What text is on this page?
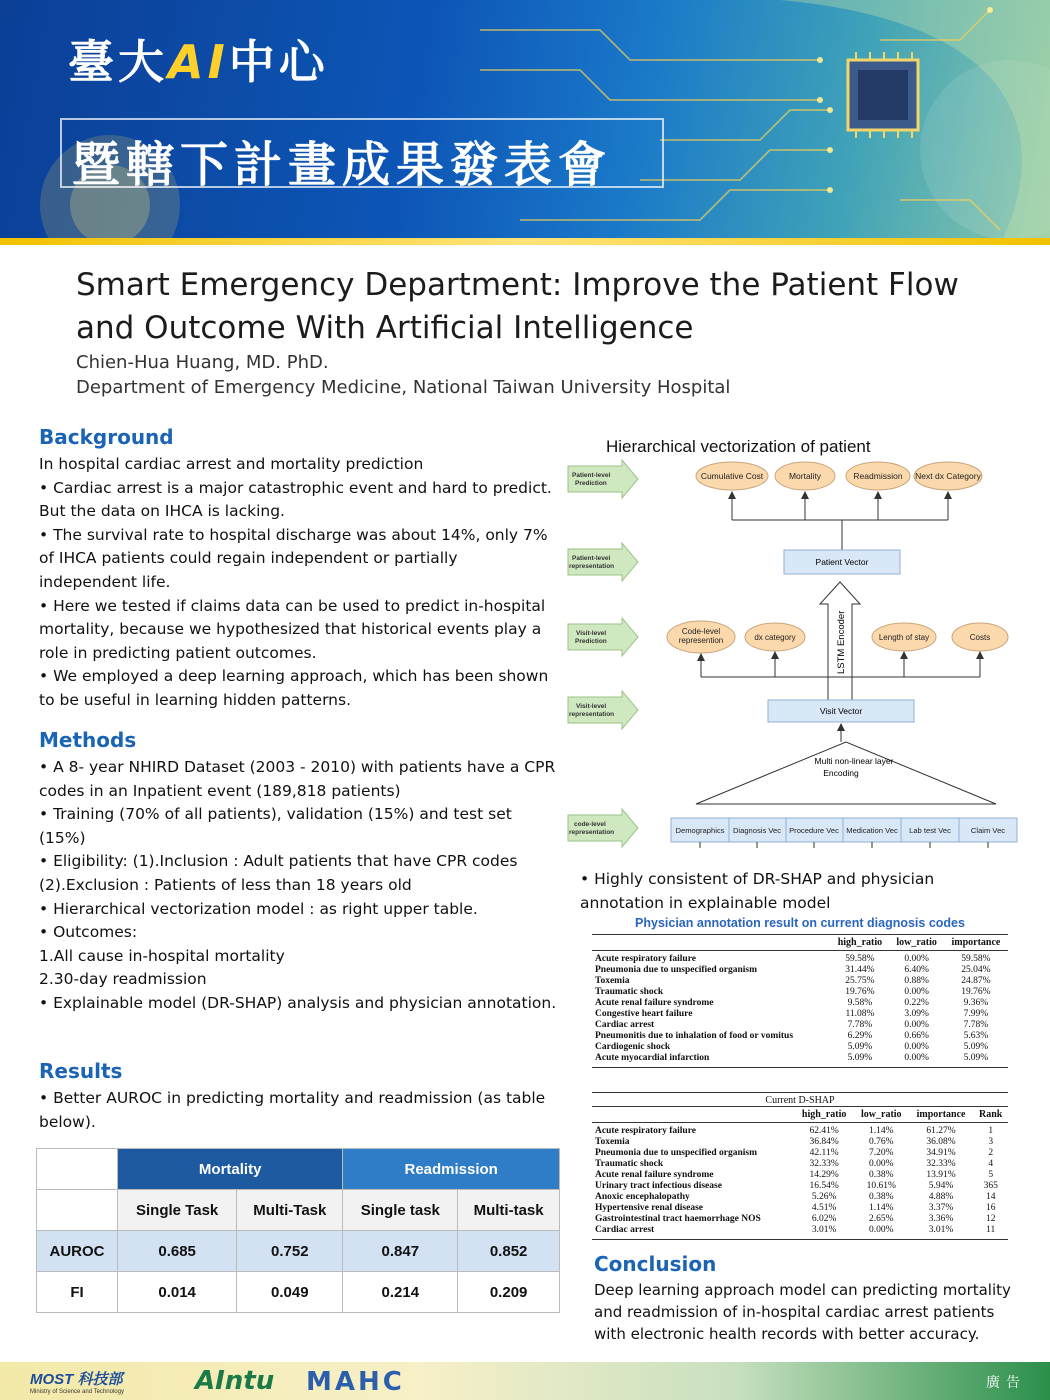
臺大AI中心
暨轄下計畫成果發表會
Smart Emergency Department: Improve the Patient Flow and Outcome With Artificial Intelligence
Chien-Hua Huang, MD. PhD.
Department of Emergency Medicine, National Taiwan University Hospital
Background

In hospital cardiac arrest and mortality prediction

• Cardiac arrest is a major catastrophic event and hard to predict. But the data on IHCA is lacking.

• The survival rate to hospital discharge was about 14%, only 7% of IHCA patients could regain independent or partially independent life.

• Here we tested if claims data can be used to predict in-hospital mortality, because we hypothesized that historical events play a role in predicting patient outcomes.

• We employed a deep learning approach, which has been shown to be useful in learning hidden patterns.

Methods

• A 8- year NHIRD Dataset (2003 - 2010) with patients have a CPR codes in an Inpatient event (189,818 patients)

• Training (70% of all patients), validation (15%) and test set (15%)

• Eligibility: (1).Inclusion : Adult patients that have CPR codes (2).Exclusion : Patients of less than 18 years old

• Hierarchical vectorization model : as right upper table.

• Outcomes:

1.All cause in-hospital mortality

2.30-day readmission

• Explainable model (DR-SHAP) analysis and physician annotation.

Results
• Better AUROC in predicting mortality and readmission (as table below).
	Mortality		Readmission	
	Single Task	Multi-Task	Single task	Multi-task
AUROC	0.685	0.752	0.847	0.852
FI	0.014	0.049	0.214	0.209
Hierarchical vectorization of patient
Patient-level
Prediction
Patient-level
representation
Visit-level
Prediction
Visit-level
representation
code-level
representation
Cumulative Cost	Mortality	Readmission Next dx Category
Patient Vector
LSTM Encoder
Code-level
represention	dx category	Length of stay	Costs
Visit Vector
Multi non-linear layer
Encoding
Demographics Diagnosis Vec Procedure Vec Medication Vec Lab test Vec	Claim Vec
• Highly consistent of DR-SHAP and physician annotation in explainable model
Physician annotation result on current diagnosis codes
	high_ratio	low_ratio	importance
Acute respiratory failure	59.58%	0.00%	59.58%
Pneumonia due to unspecified organism	31.44%	6.40%	25.04%
Toxemia	25.75%	0.88%	24.87%
Traumatic shock	19.76%	0.00%	19.76%
Acute renal failure syndrome	9.58%	0.22%	9.36%
Congestive heart failure	11.08%	3.09%	7.99%
Cardiac arrest	7.78%	0.00%	7.78%
Pneumonitis due to inhalation of food or vomitus	6.29%	0.66%	5.63%
Cardiogenic shock	5.09%	0.00%	5.09%
Acute myocardial infarction	5.09%	0.00%	5.09%
Current D-SHAP
	high_ratio	low_ratio	importance	Rank
Acute respiratory failure	62.41%	1.14%	61.27%	1
Toxemia	36.84%	0.76%	36.08%	3
Pneumonia due to unspecified organism	42.11%	7.20%	34.91%	2
Traumatic shock	32.33%	0.00%	32.33%	4
Acute renal failure syndrome	14.29%	0.38%	13.91%	5
Urinary tract infectious disease	16.54%	10.61%	5.94%	365
Anoxic encephalopathy	5.26%	0.38%	4.88%	14
Hypertensive renal disease	4.51%	1.14%	3.37%	16
Gastrointestinal tract haemorrhage NOS	6.02%	2.65%	3.36%	12
Cardiac arrest	3.01%	0.00%	3.01%	11
Conclusion
Deep learning approach model can predicting mortality and readmission of in-hospital cardiac arrest patients with electronic health records with better accuracy.
MOST 科技部
Ministry of Science and Technology	AIntu MAHC	廣告
